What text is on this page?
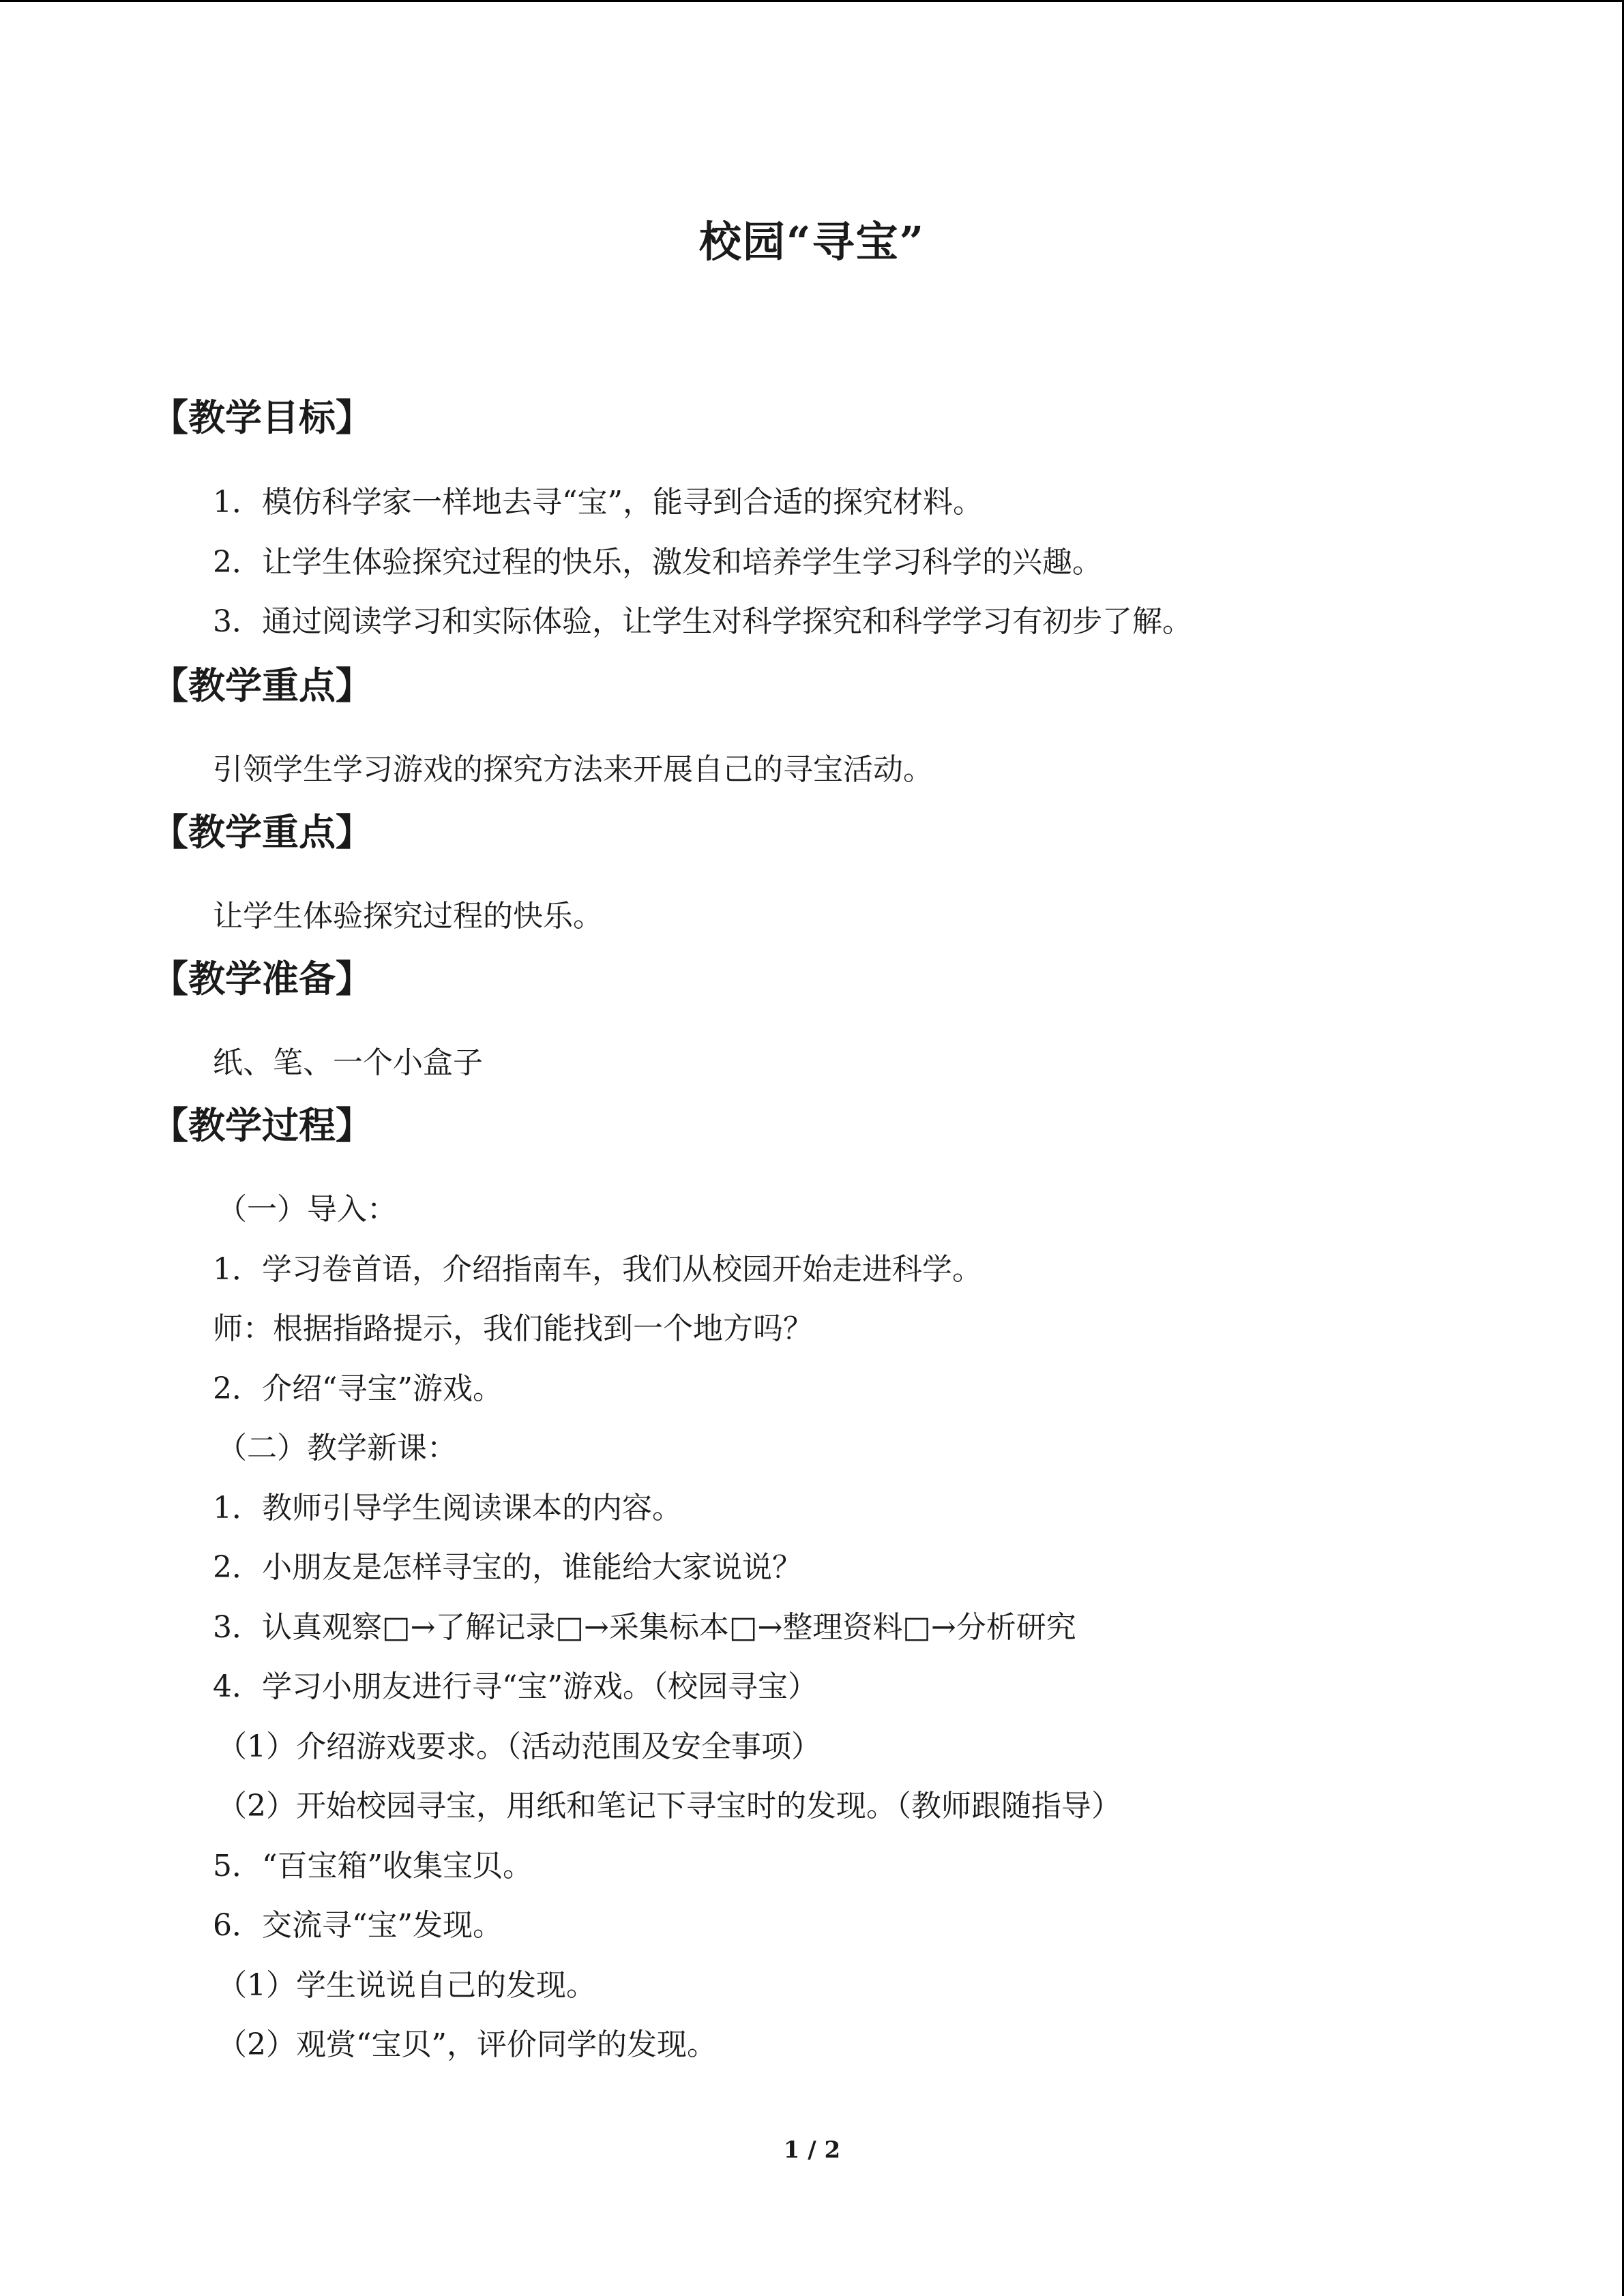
校园“寻宝”
【教学目标】
1．模仿科学家一样地去寻“宝”，能寻到合适的探究材料。
2．让学生体验探究过程的快乐，激发和培养学生学习科学的兴趣。
3．通过阅读学习和实际体验，让学生对科学探究和科学学习有初步了解。
【教学重点】
引领学生学习游戏的探究方法来开展自己的寻宝活动。
【教学重点】
让学生体验探究过程的快乐。
【教学准备】
纸、笔、一个小盒子
【教学过程】
（一）导入：
1．学习卷首语，介绍指南车，我们从校园开始走进科学。
师：根据指路提示，我们能找到一个地方吗？
2．介绍“寻宝”游戏。
（二）教学新课：
1．教师引导学生阅读课本的内容。
2．小朋友是怎样寻宝的，谁能给大家说说？
3．认真观察□→了解记录□→采集标本□→整理资料□→分析研究
4．学习小朋友进行寻“宝”游戏。（校园寻宝）
（1）介绍游戏要求。（活动范围及安全事项）
（2）开始校园寻宝，用纸和笔记下寻宝时的发现。（教师跟随指导）
5．“百宝箱”收集宝贝。
6．交流寻“宝”发现。
（1）学生说说自己的发现。
（2）观赏“宝贝”，评价同学的发现。
1 / 2
